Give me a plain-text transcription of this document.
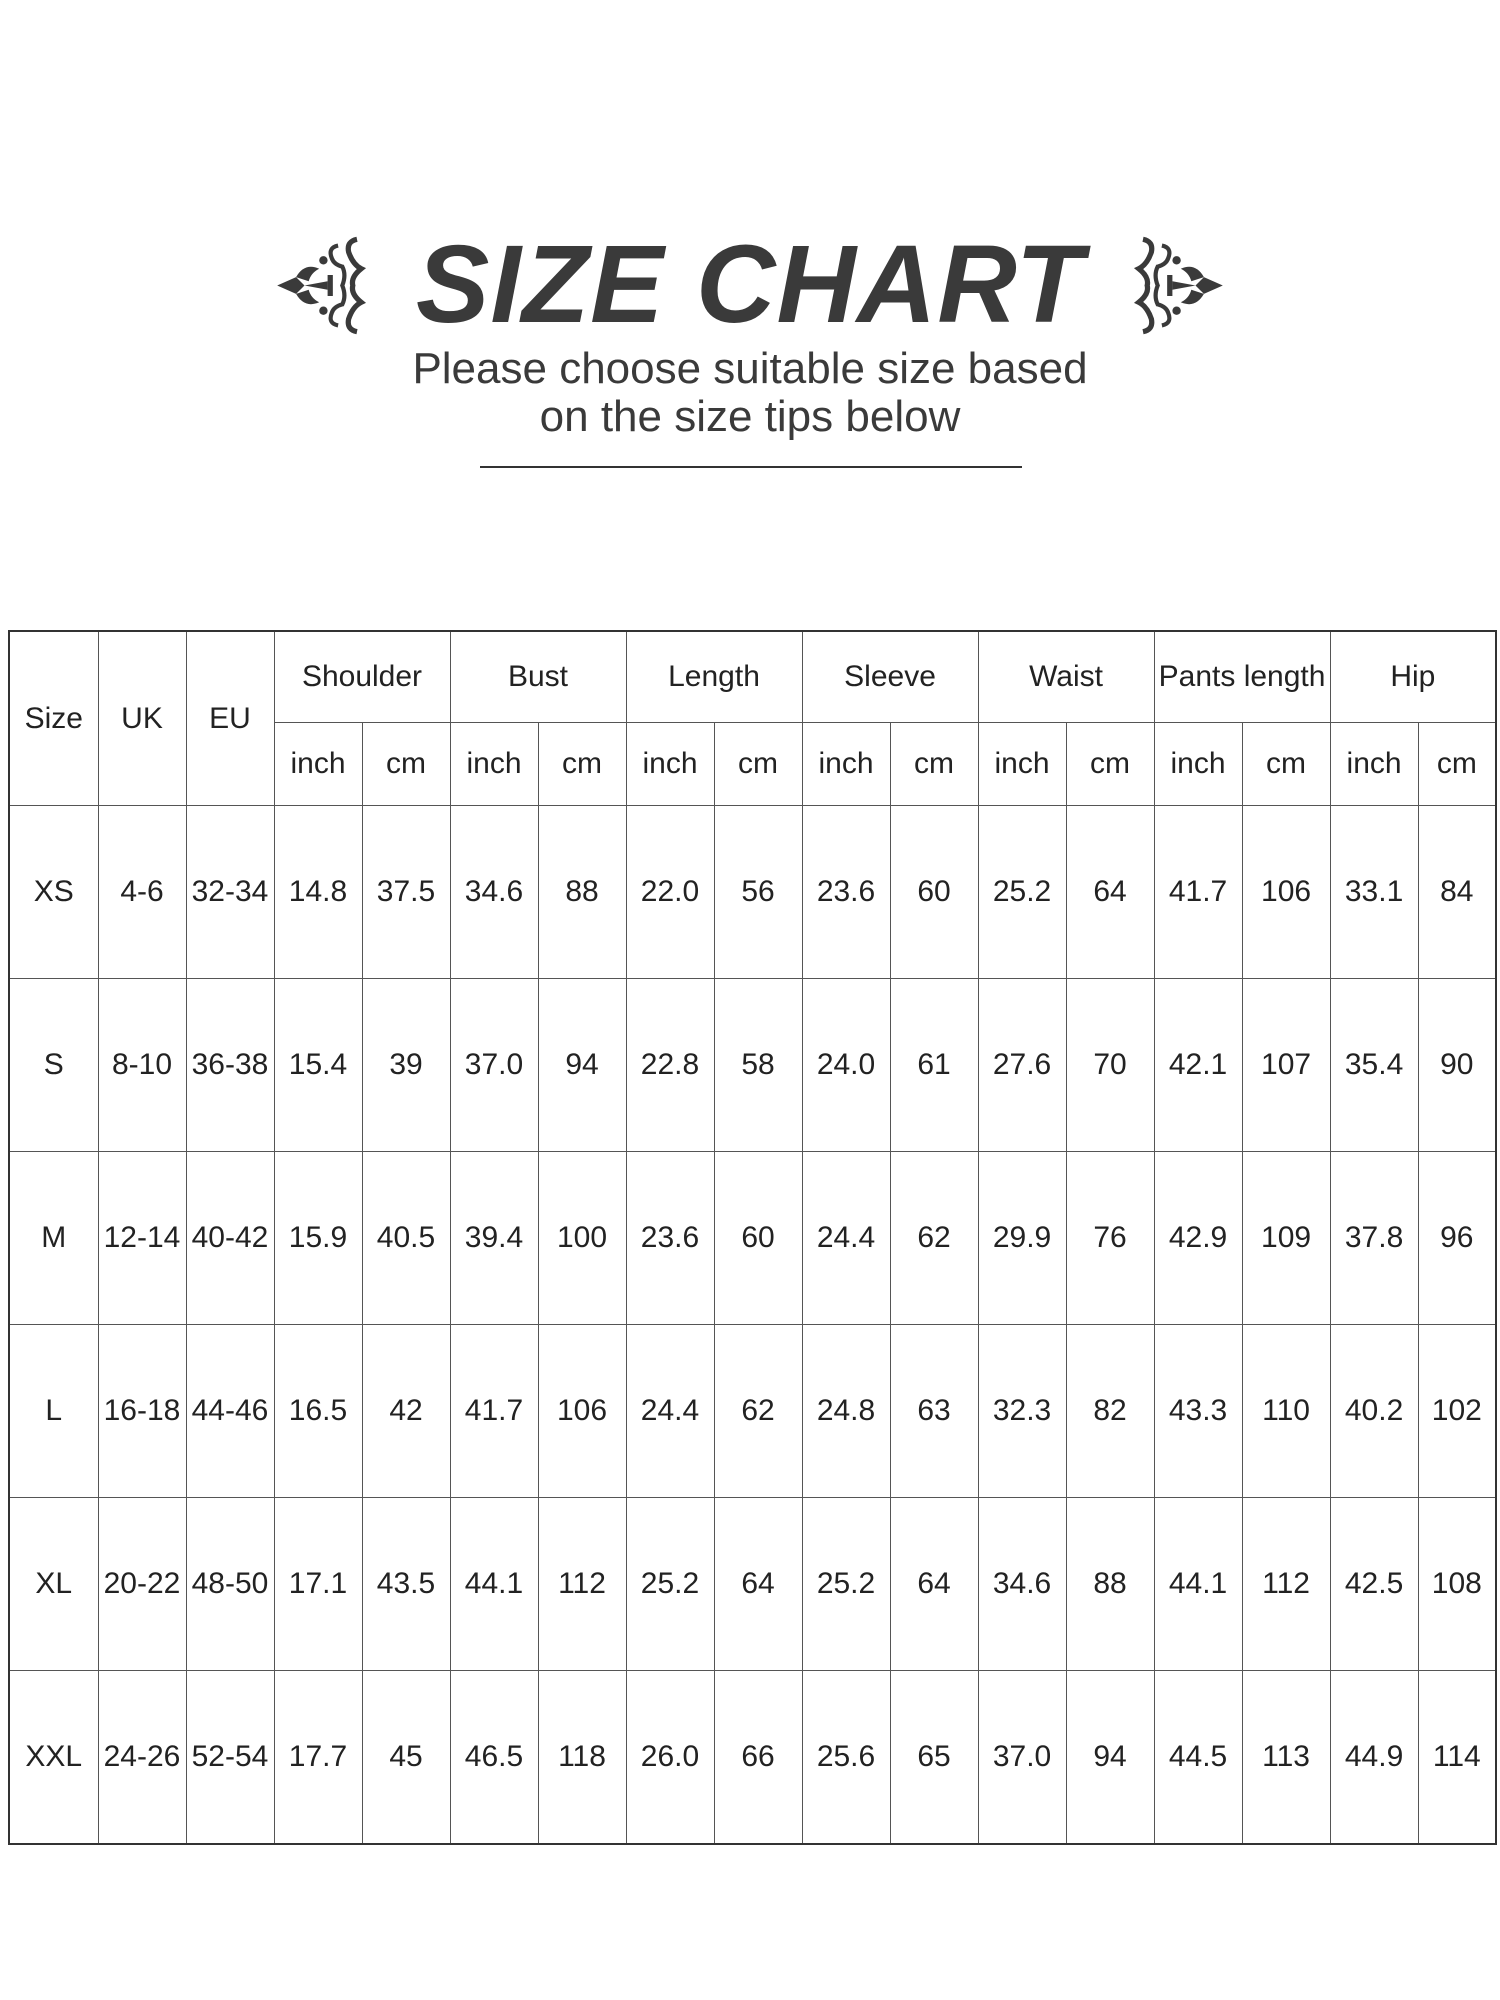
SIZE CHART
Please choose suitable size based
on the size tips below
Size	UK	EU	Shoulder		Bust		Length		Sleeve		Waist		Pants length		Hip	
			inch	cm	inch	cm	inch	cm	inch	cm	inch	cm	inch	cm	inch	cm
XS	4-6	32-34	14.8	37.5	34.6	88	22.0	56	23.6	60	25.2	64	41.7	106	33.1	84
S	8-10	36-38	15.4	39	37.0	94	22.8	58	24.0	61	27.6	70	42.1	107	35.4	90
M	12-14	40-42	15.9	40.5	39.4	100	23.6	60	24.4	62	29.9	76	42.9	109	37.8	96
L	16-18	44-46	16.5	42	41.7	106	24.4	62	24.8	63	32.3	82	43.3	110	40.2	102
XL	20-22	48-50	17.1	43.5	44.1	112	25.2	64	25.2	64	34.6	88	44.1	112	42.5	108
XXL	24-26	52-54	17.7	45	46.5	118	26.0	66	25.6	65	37.0	94	44.5	113	44.9	114
